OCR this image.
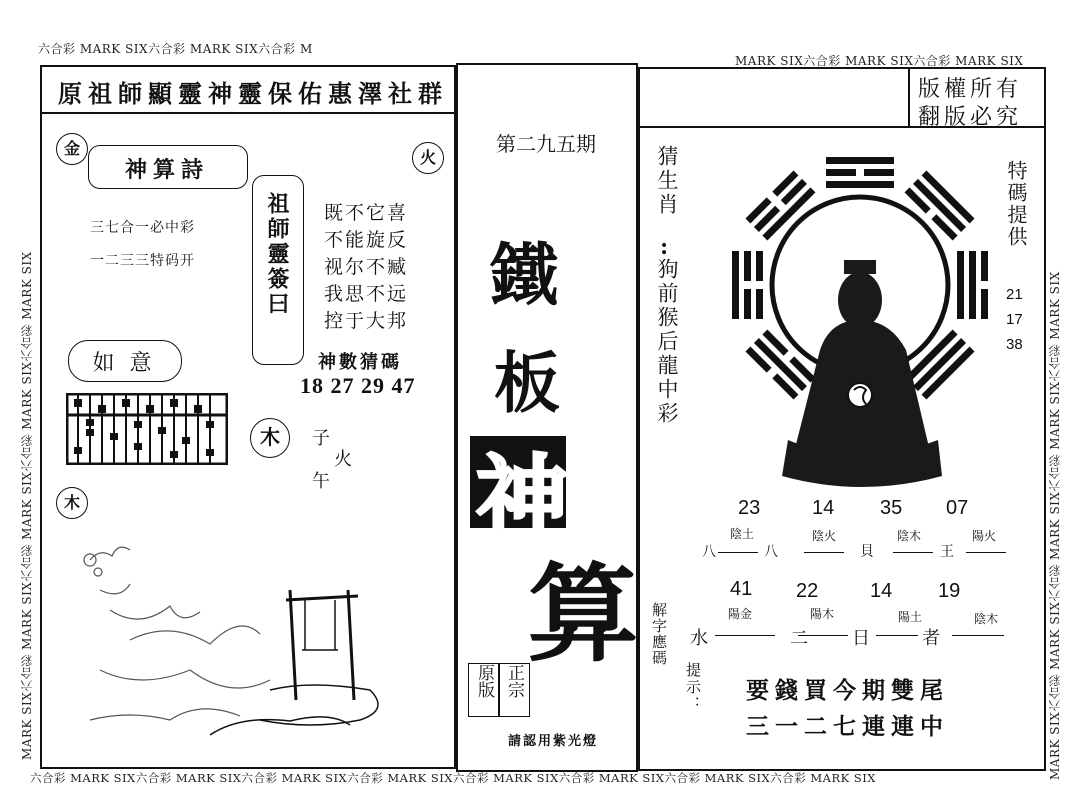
六合彩 MARK SIX六合彩 MARK SIX六合彩 M
MARK SIX六合彩 MARK SIX六合彩 MARK SIX
六合彩 MARK SIX六合彩 MARK SIX六合彩 MARK SIX六合彩 MARK SIX六合彩 MARK SIX六合彩 MARK SIX六合彩 MARK SIX六合彩 MARK SIX
MARK SIX六合彩 MARK SIX六合彩 MARK SIX六合彩 MARK SIX六合彩 MARK SIX	MARK SIX六合彩 MARK SIX六合彩 MARK SIX六合彩 MARK SIX六合彩 MARK SIX
原祖師顯靈神靈保佑惠澤社群
金	火
神算詩
三七合一必中彩
一二三三特码开	祖師靈簽曰 既不它喜
不能旋反
视尔不臧
我思不远
控于大邦
如 意	神數猜碼
18 27 29 47
木	子
火
午
木
第二九五期
鐵
板
神
算
原版 正宗
請認用紫光燈
版權所有
翻版必究
猜生肖
:
狗前猴后龍中彩
特碼提供
21
17
38
23	14 35 07
陰土	陰火	陰木	陽火
八	八	貝	王
41 22	14 19
陽金	陽木	陽土	陰木
水	二 日	者
解字應碼
提示： 要錢買今期雙尾
三一二七連連中
